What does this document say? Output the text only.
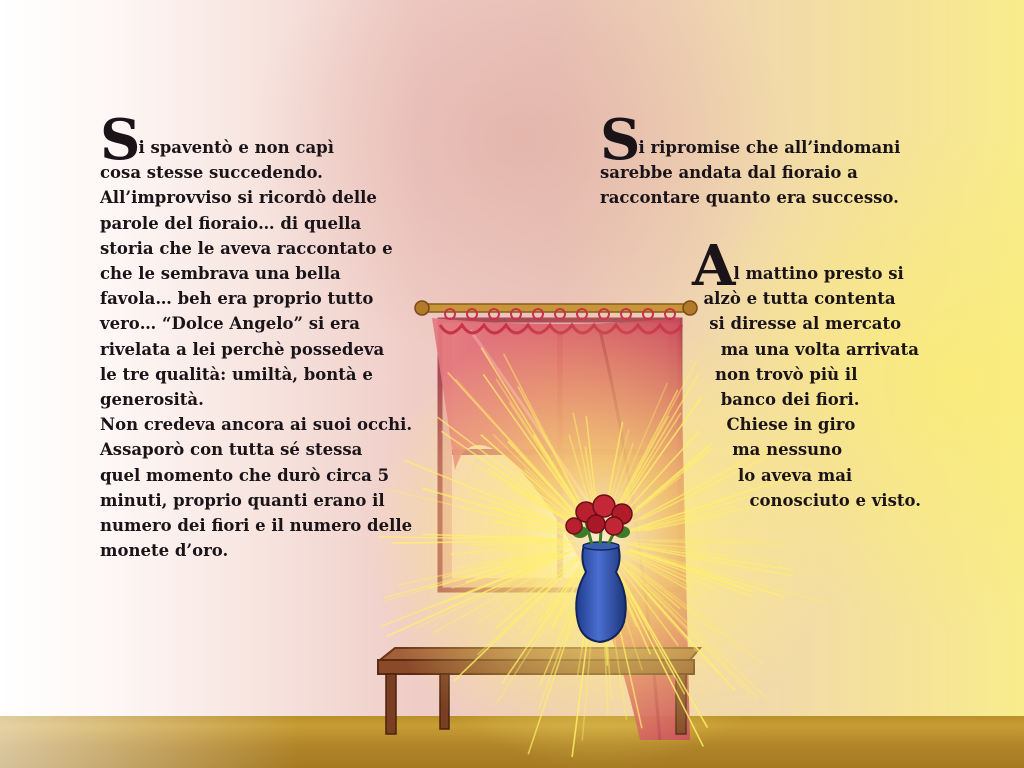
Si spaventò e non capì
cosa stesse succedendo.
All’improvviso si ricordò delle
parole del fioraio… di quella
storia che le aveva raccontato e
che le sembrava una bella
favola… beh era proprio tutto
vero… “Dolce Angelo” si era
rivelata a lei perchè possedeva
le tre qualità: umiltà, bontà e
generosità.
Non credeva ancora ai suoi occhi.
Assaporò con tutta sé stessa
quel momento che durò circa 5
minuti, proprio quanti erano il
numero dei fiori e il numero delle
monete d’oro.
Si ripromise che all’indomani
sarebbe andata dal fioraio a
raccontare quanto era successo.
Al mattino presto si
alzò e tutta contenta
si diresse al mercato
ma una volta arrivata
non trovò più il
banco dei fiori.
Chiese in giro
ma nessuno
lo aveva mai
conosciuto e visto.
